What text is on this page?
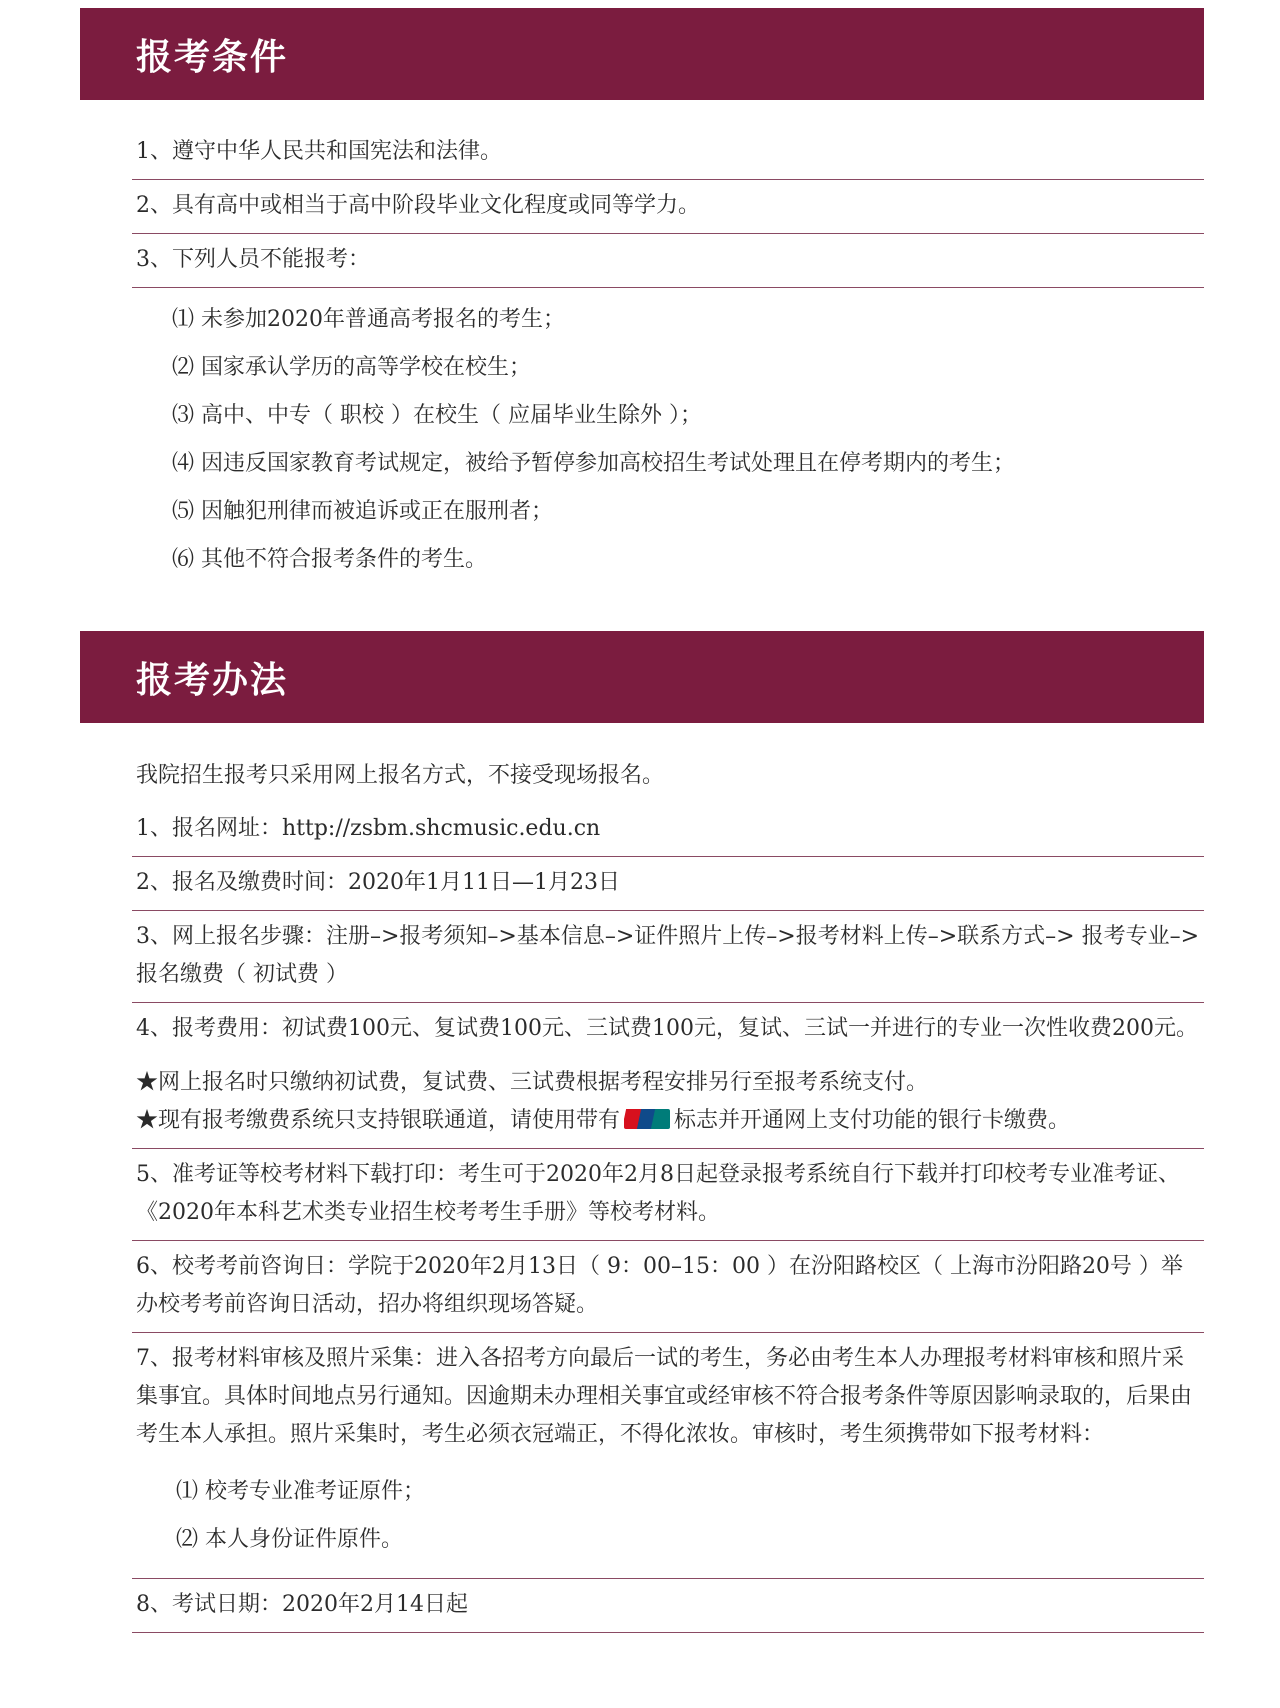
报考条件
1、遵守中华人民共和国宪法和法律。
2、具有高中或相当于高中阶段毕业文化程度或同等学力。
3、下列人员不能报考：
⑴ 未参加2020年普通高考报名的考生；
⑵ 国家承认学历的高等学校在校生；
⑶ 高中、中专（ 职校 ）在校生（ 应届毕业生除外 ）；
⑷ 因违反国家教育考试规定，被给予暂停参加高校招生考试处理且在停考期内的考生；
⑸ 因触犯刑律而被追诉或正在服刑者；
⑹ 其他不符合报考条件的考生。
报考办法
我院招生报考只采用网上报名方式，不接受现场报名。
1、报名网址：http://zsbm.shcmusic.edu.cn
2、报名及缴费时间：2020年1月11日—1月23日
3、网上报名步骤：注册–>报考须知–>基本信息–>证件照片上传–>报考材料上传–>联系方式–> 报考专业–>报名缴费（ 初试费 ）
4、报考费用：初试费100元、复试费100元、三试费100元，复试、三试一并进行的专业一次性收费200元。
★网上报名时只缴纳初试费，复试费、三试费根据考程安排另行至报考系统支付。
★现有报考缴费系统只支持银联通道，请使用带有 标志并开通网上支付功能的银行卡缴费。
5、准考证等校考材料下载打印：考生可于2020年2月8日起登录报考系统自行下载并打印校考专业准考证、《2020年本科艺术类专业招生校考考生手册》等校考材料。
6、校考考前咨询日：学院于2020年2月13日（ 9：00–15：00 ）在汾阳路校区（ 上海市汾阳路20号 ）举办校考考前咨询日活动，招办将组织现场答疑。
7、报考材料审核及照片采集：进入各招考方向最后一试的考生，务必由考生本人办理报考材料审核和照片采集事宜。具体时间地点另行通知。因逾期未办理相关事宜或经审核不符合报考条件等原因影响录取的，后果由考生本人承担。照片采集时，考生必须衣冠端正，不得化浓妆。审核时，考生须携带如下报考材料：
⑴ 校考专业准考证原件；
⑵ 本人身份证件原件。
8、考试日期：2020年2月14日起
